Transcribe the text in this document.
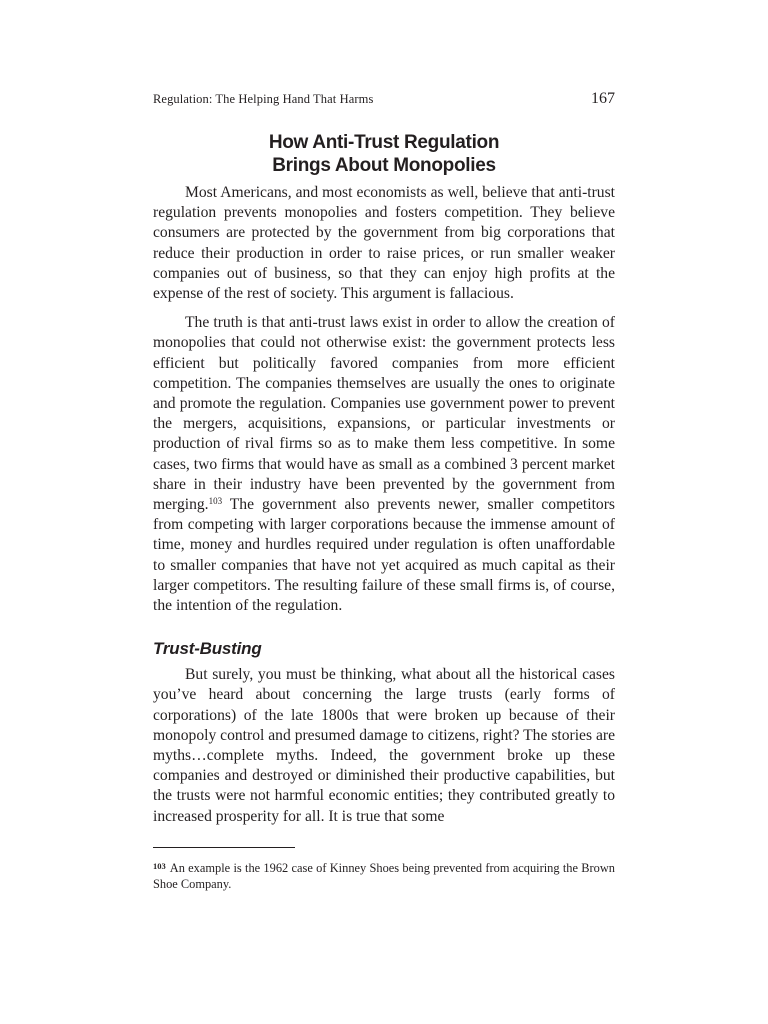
Regulation: The Helping Hand That Harms	167
How Anti-Trust Regulation
Brings About Monopolies

Most Americans, and most economists as well, believe that anti-trust regulation prevents monopolies and fosters competition. They believe consumers are protected by the government from big corporations that reduce their production in order to raise prices, or run smaller weaker companies out of business, so that they can enjoy high profits at the expense of the rest of society. This argument is fallacious.

The truth is that anti-trust laws exist in order to allow the creation of monopolies that could not otherwise exist: the government protects less efficient but politically favored companies from more efficient competition. The companies themselves are usually the ones to originate and promote the regulation. Companies use government power to prevent the mergers, acquisitions, expansions, or particular investments or production of rival firms so as to make them less competitive. In some cases, two firms that would have as small as a combined 3 percent market share in their industry have been prevented by the government from merging.$^{103}$ The government also prevents newer, smaller competitors from competing with larger corporations because the immense amount of time, money and hurdles required under regulation is often unaffordable to smaller companies that have not yet acquired as much capital as their larger competitors. The resulting failure of these small firms is, of course, the intention of the regulation.

Trust-Busting

But surely, you must be thinking, what about all the historical cases you’ve heard about concerning the large trusts (early forms of corporations) of the late 1800s that were broken up because of their monopoly control and presumed damage to citizens, right? The stories are myths…complete myths. Indeed, the government broke up these companies and destroyed or diminished their productive capabilities, but the trusts were not harmful economic entities; they contributed greatly to increased prosperity for all. It is true that some

$^{103}$ An example is the 1962 case of Kinney Shoes being prevented from acquiring the Brown Shoe Company.
